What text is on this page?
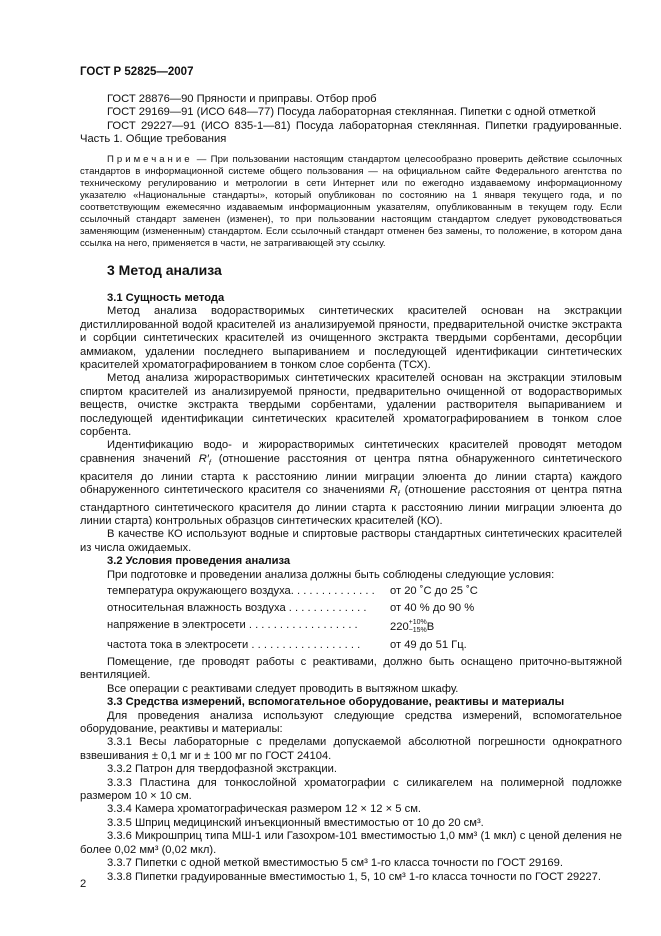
ГОСТ Р 52825—2007

ГОСТ 28876—90 Пряности и приправы. Отбор проб

ГОСТ 29169—91 (ИСО 648—77) Посуда лабораторная стеклянная. Пипетки с одной отметкой

ГОСТ 29227—91 (ИСО 835-1—81) Посуда лабораторная стеклянная. Пипетки градуированные. Часть 1. Общие требования

Примечание — При пользовании настоящим стандартом целесообразно проверить действие ссылочных стандартов в информационной системе общего пользования — на официальном сайте Федерального агентства по техническому регулированию и метрологии в сети Интернет или по ежегодно издаваемому информационному указателю «Национальные стандарты», который опубликован по состоянию на 1 января текущего года, и по соответствующим ежемесячно издаваемым информационным указателям, опубликованным в текущем году. Если ссылочный стандарт заменен (изменен), то при пользовании настоящим стандартом следует руководствоваться заменяющим (измененным) стандартом. Если ссылочный стандарт отменен без замены, то положение, в котором дана ссылка на него, применяется в части, не затрагивающей эту ссылку.

3 Метод анализа

3.1 Сущность метода

Метод анализа водорастворимых синтетических красителей основан на экстракции дистиллированной водой красителей из анализируемой пряности, предварительной очистке экстракта и сорбции синтетических красителей из очищенного экстракта твердыми сорбентами, десорбции аммиаком, удалении последнего выпариванием и последующей идентификации синтетических красителей хроматографированием в тонком слое сорбента (ТСХ).

Метод анализа жирорастворимых синтетических красителей основан на экстракции этиловым спиртом красителей из анализируемой пряности, предварительно очищенной от водорастворимых веществ, очистке экстракта твердыми сорбентами, удалении растворителя выпариванием и последующей идентификации синтетических красителей хроматографированием в тонком слое сорбента.

Идентификацию водо- и жирорастворимых синтетических красителей проводят методом сравнения значений $R'_f$ (отношение расстояния от центра пятна обнаруженного синтетического красителя до линии старта к расстоянию линии миграции элюента до линии старта) каждого обнаруженного синтетического красителя со значениями $R_f$ (отношение расстояния от центра пятна стандартного синтетического красителя до линии старта к расстоянию линии миграции элюента до линии старта) контрольных образцов синтетических красителей (КО).

В качестве КО используют водные и спиртовые растворы стандартных синтетических красителей из числа ожидаемых.

3.2 Условия проведения анализа

При подготовке и проведении анализа должны быть соблюдены следующие условия:

температура окружающего воздуха. . . . . . . . . . . . . . от 20 ˚С до 25 ˚С
относительная влажность воздуха . . . . . . . . . . . . . от 40 % до 90 %
напряжение в электросети . . . . . . . . . . . . . . . . . .	220+10%
−15%В
частота тока в электросети . . . . . . . . . . . . . . . . . .	от 49 до 51 Гц.

Помещение, где проводят работы с реактивами, должно быть оснащено приточно-вытяжной вентиляцией.

Все операции с реактивами следует проводить в вытяжном шкафу.

3.3 Средства измерений, вспомогательное оборудование, реактивы и материалы

Для проведения анализа используют следующие средства измерений, вспомогательное оборудование, реактивы и материалы:

3.3.1 Весы лабораторные с пределами допускаемой абсолютной погрешности однократного взвешивания ± 0,1 мг и ± 100 мг по ГОСТ 24104.

3.3.2 Патрон для твердофазной экстракции.

3.3.3 Пластина для тонкослойной хроматографии с силикагелем на полимерной подложке размером 10 × 10 см.

3.3.4 Камера хроматографическая размером 12 × 12 × 5 см.

3.3.5 Шприц медицинский инъекционный вместимостью от 10 до 20 см³.

3.3.6 Микрошприц типа МШ-1 или Газохром-101 вместимостью 1,0 мм³ (1 мкл) с ценой деления не более 0,02 мм³ (0,02 мкл).

3.3.7 Пипетки с одной меткой вместимостью 5 см³ 1-го класса точности по ГОСТ 29169.

3.3.8 Пипетки градуированные вместимостью 1, 5, 10 см³ 1-го класса точности по ГОСТ 29227.

2
